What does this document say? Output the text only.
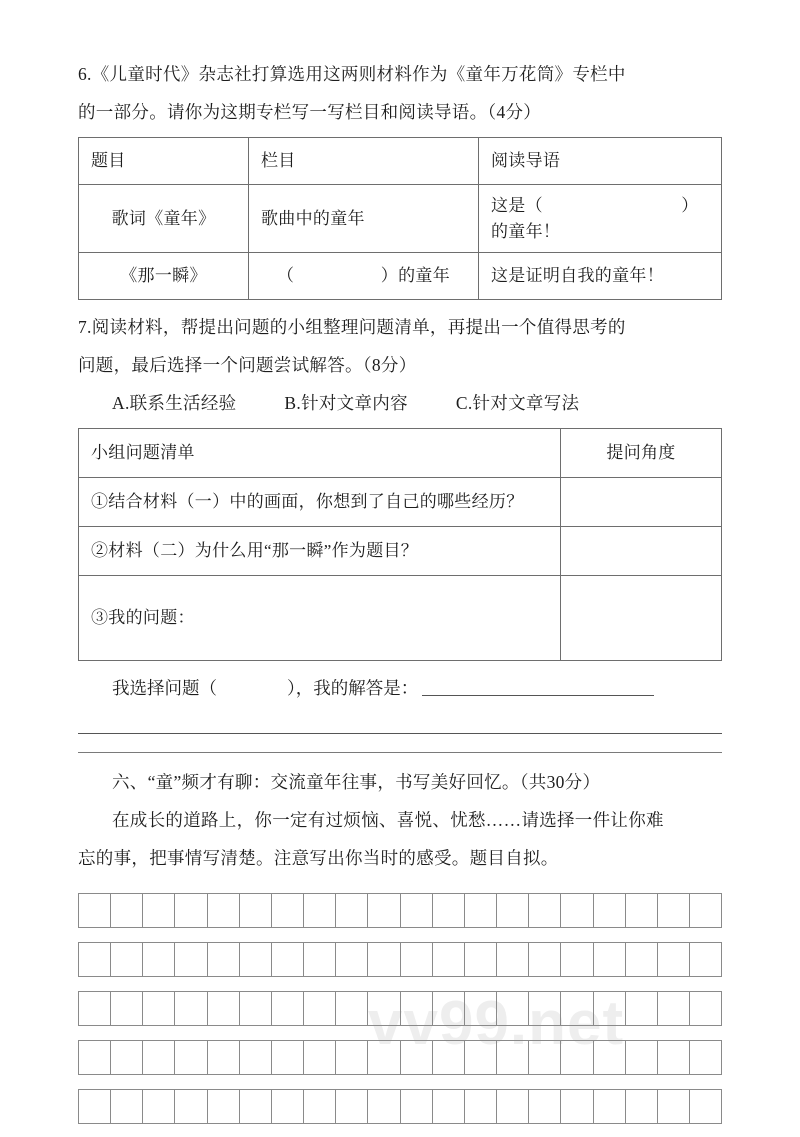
vv99.net

6.《儿童时代》杂志社打算选用这两则材料作为《童年万花筒》专栏中

的一部分。请你为这期专栏写一写栏目和阅读导语。（4分）

题目	栏目	阅读导语
歌词《童年》	歌曲中的童年	这是（　　　　　　　　）的童年！
《那一瞬》	（　　　　　）的童年	这是证明自我的童年！

7.阅读材料，帮提出问题的小组整理问题清单，再提出一个值得思考的

问题，最后选择一个问题尝试解答。（8分）

A.联系生活经验	B.针对文章内容	C.针对文章写法

小组问题清单	提问角度
①结合材料（一）中的画面，你想到了自己的哪些经历？	
②材料（二）为什么用“那一瞬”作为题目？	
③我的问题：	
我选择问题（　　　　），我的解答是：

六、“童”频才有聊：交流童年往事，书写美好回忆。（共30分）

在成长的道路上，你一定有过烦恼、喜悦、忧愁……请选择一件让你难

忘的事，把事情写清楚。注意写出你当时的感受。题目自拟。
